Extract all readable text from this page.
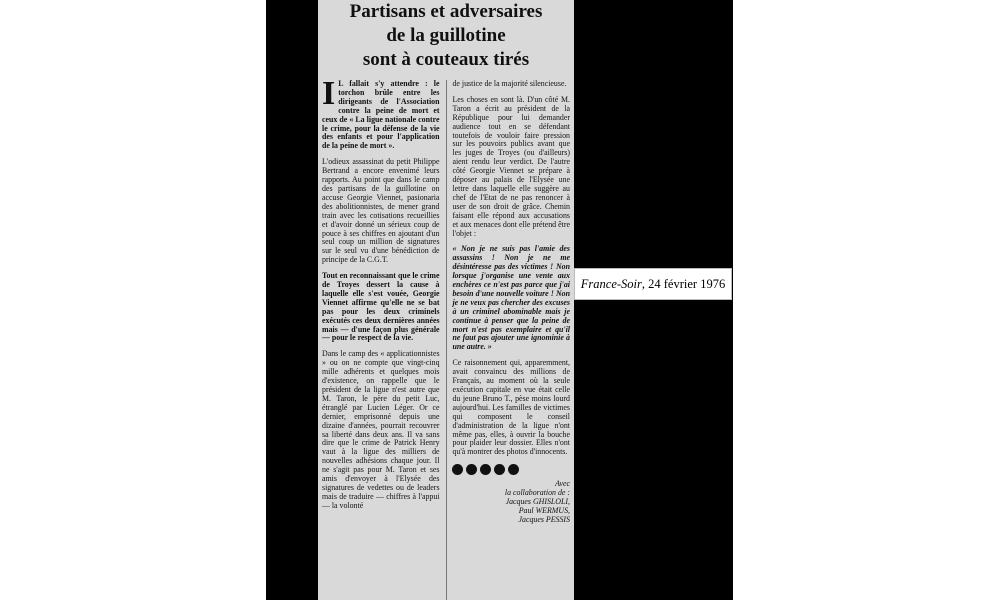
Partisans et adversaires
de la guillotine
sont à couteaux tirés

I L fallait s'y attendre : le torchon brûle entre les dirigeants de l'Association contre la peine de mort et ceux de « La ligue nationale contre le crime, pour la défense de la vie des enfants et pour l'application de la peine de mort ».

L'odieux assassinat du petit Philippe Bertrand a encore envenimé leurs rapports. Au point que dans le camp des partisans de la guillotine on accuse Georgie Viennet, pasionaria des abolitionnistes, de mener grand train avec les cotisations recueillies et d'avoir donné un sérieux coup de pouce à ses chiffres en ajoutant d'un seul coup un million de signatures sur le seul vu d'une bénédiction de principe de la C.G.T.

Tout en reconnaissant que le crime de Troyes dessert la cause à laquelle elle s'est vouée, Georgie Viennet affirme qu'elle ne se bat pas pour les deux criminels exécutés ces deux dernières années mais — d'une façon plus générale — pour le respect de la vie.

Dans le camp des « applicationnistes » ou on ne compte que vingt-cinq mille adhérents et quelques mois d'existence, on rappelle que le président de la ligue n'est autre que M. Taron, le père du petit Luc, étranglé par Lucien Léger. Or ce dernier, emprisonné depuis une dizaine d'années, pourrait recouvrer sa liberté dans deux ans. Il va sans dire que le crime de Patrick Henry vaut à la ligue des milliers de nouvelles adhésions chaque jour. Il ne s'agit pas pour M. Taron et ses amis d'envoyer à l'Elysée des signatures de vedettes ou de leaders mais de traduire — chiffres à l'appui — la volonté

de justice de la majorité silencieuse.

Les choses en sont là. D'un côté M. Taron a écrit au président de la République pour lui demander audience tout en se défendant toutefois de vouloir faire pression sur les pouvoirs publics avant que les juges de Troyes (ou d'ailleurs) aient rendu leur verdict. De l'autre côté Georgie Viennet se prépare à déposer au palais de l'Elysée une lettre dans laquelle elle suggère au chef de l'Etat de ne pas renoncer à user de son droit de grâce. Chemin faisant elle répond aux accusations et aux menaces dont elle prétend être l'objet :

« Non je ne suis pas l'amie des assassins ! Non je ne me désintéresse pas des victimes ! Non lorsque j'organise une vente aux enchères ce n'est pas parce que j'ai besoin d'une nouvelle voiture ! Non je ne veux pas chercher des excuses à un criminel abominable mais je continue à penser que la peine de mort n'est pas exemplaire et qu'il ne faut pas ajouter une ignominie à une autre. »

Ce raisonnement qui, apparemment, avait convaincu des millions de Français, au moment où la seule exécution capitale en vue était celle du jeune Bruno T., pèse moins lourd aujourd'hui. Les familles de victimes qui composent le conseil d'administration de la ligue n'ont même pas, elles, à ouvrir la bouche pour plaider leur dossier. Elles n'ont qu'à montrer des photos d'innocents.

Avec
la collaboration de :
Jacques GHISLOLI,
Paul WERMUS,
Jacques PESSIS
France-Soir, 24 février 1976
